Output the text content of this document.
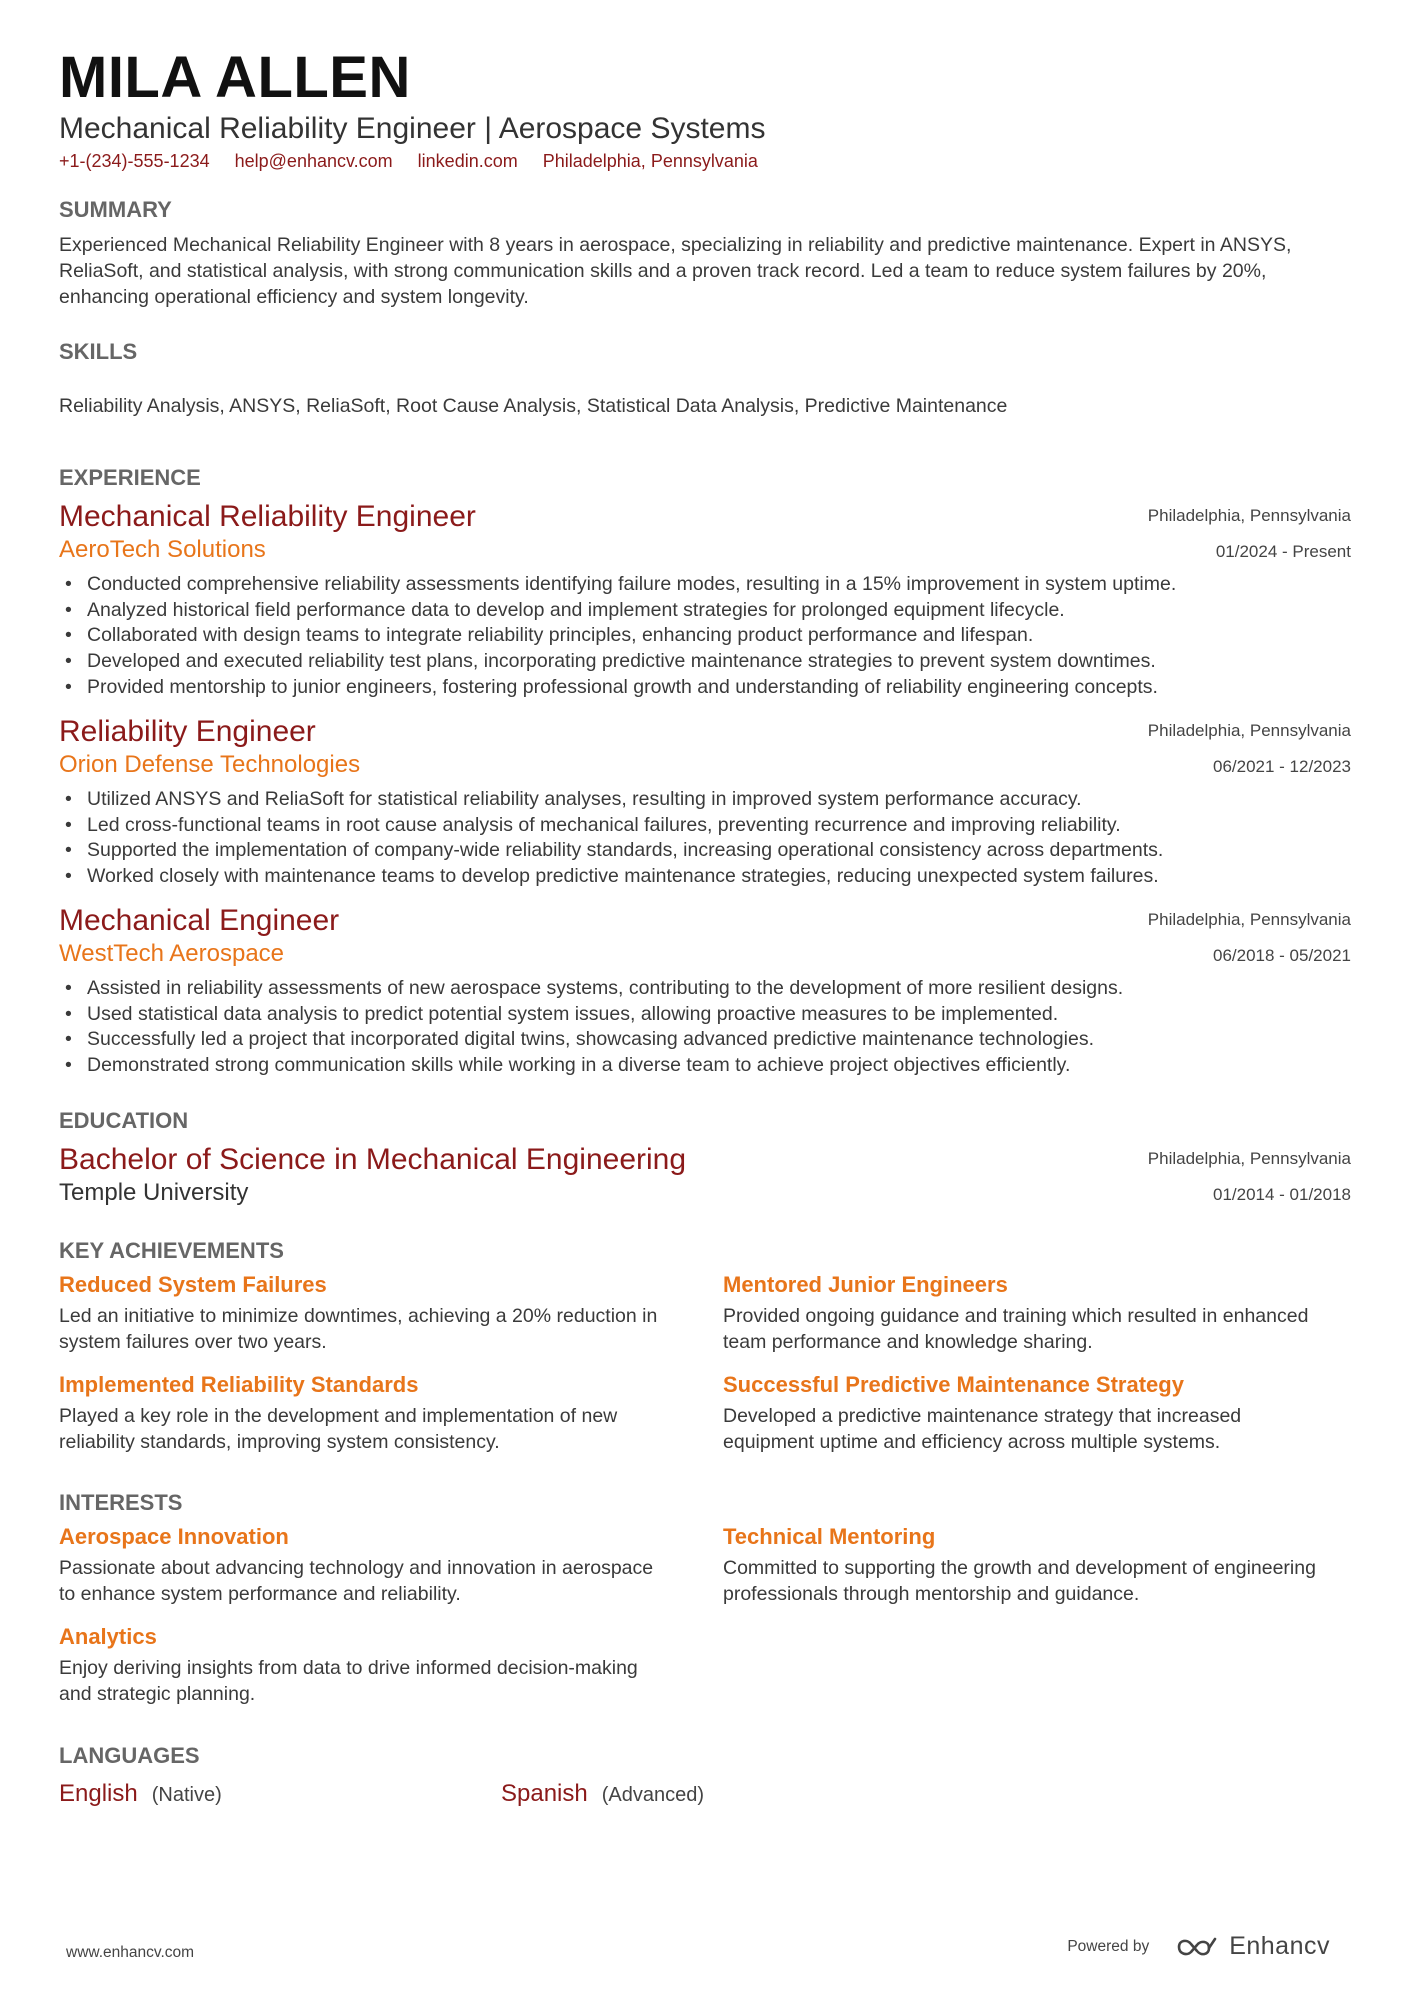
MILA ALLEN
Mechanical Reliability Engineer | Aerospace Systems
+1-(234)-555-1234 help@enhancv.com linkedin.com Philadelphia, Pennsylvania
SUMMARY
Experienced Mechanical Reliability Engineer with 8 years in aerospace, specializing in reliability and predictive maintenance. Expert in ANSYS, ReliaSoft, and statistical analysis, with strong communication skills and a proven track record. Led a team to reduce system failures by 20%, enhancing operational efficiency and system longevity.
SKILLS
Reliability Analysis, ANSYS, ReliaSoft, Root Cause Analysis, Statistical Data Analysis, Predictive Maintenance
EXPERIENCE
Mechanical Reliability Engineer
AeroTech Solutions
Philadelphia, Pennsylvania
01/2024 - Present
• Conducted comprehensive reliability assessments identifying failure modes, resulting in a 15% improvement in system uptime.
• Analyzed historical field performance data to develop and implement strategies for prolonged equipment lifecycle.
• Collaborated with design teams to integrate reliability principles, enhancing product performance and lifespan.
• Developed and executed reliability test plans, incorporating predictive maintenance strategies to prevent system downtimes.
• Provided mentorship to junior engineers, fostering professional growth and understanding of reliability engineering concepts.
Reliability Engineer
Orion Defense Technologies
Philadelphia, Pennsylvania
06/2021 - 12/2023
• Utilized ANSYS and ReliaSoft for statistical reliability analyses, resulting in improved system performance accuracy.
• Led cross-functional teams in root cause analysis of mechanical failures, preventing recurrence and improving reliability.
• Supported the implementation of company-wide reliability standards, increasing operational consistency across departments.
• Worked closely with maintenance teams to develop predictive maintenance strategies, reducing unexpected system failures.
Mechanical Engineer
WestTech Aerospace
Philadelphia, Pennsylvania
06/2018 - 05/2021
• Assisted in reliability assessments of new aerospace systems, contributing to the development of more resilient designs.
• Used statistical data analysis to predict potential system issues, allowing proactive measures to be implemented.
• Successfully led a project that incorporated digital twins, showcasing advanced predictive maintenance technologies.
• Demonstrated strong communication skills while working in a diverse team to achieve project objectives efficiently.
EDUCATION
Bachelor of Science in Mechanical Engineering
Temple University
Philadelphia, Pennsylvania
01/2014 - 01/2018
KEY ACHIEVEMENTS
Reduced System Failures
Led an initiative to minimize downtimes, achieving a 20% reduction in system failures over two years.
Mentored Junior Engineers
Provided ongoing guidance and training which resulted in enhanced team performance and knowledge sharing.
Implemented Reliability Standards
Played a key role in the development and implementation of new reliability standards, improving system consistency.
Successful Predictive Maintenance Strategy
Developed a predictive maintenance strategy that increased equipment uptime and efficiency across multiple systems.
INTERESTS
Aerospace Innovation
Passionate about advancing technology and innovation in aerospace to enhance system performance and reliability.
Technical Mentoring
Committed to supporting the growth and development of engineering professionals through mentorship and guidance.
Analytics
Enjoy deriving insights from data to drive informed decision-making and strategic planning.
LANGUAGES
English (Native)	Spanish (Advanced)
www.enhancv.com	Powered by	Enhancv
